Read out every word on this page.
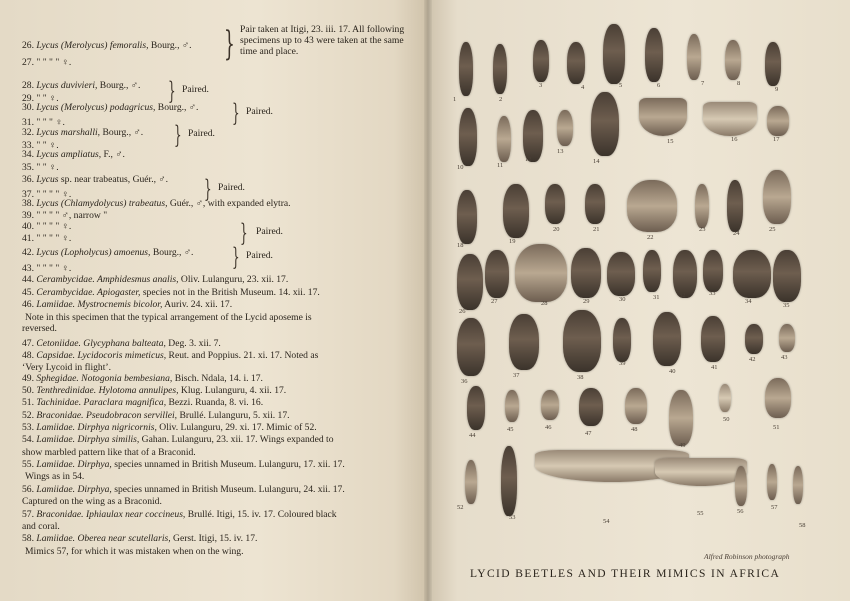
26. Lycus (Merolycus) femoralis, Bourg., ♂.
27. " " " " ♀.
28. Lycus duvivieri, Bourg., ♂.
29. " " ♀.
30. Lycus (Merolycus) podagricus, Bourg., ♂.
31. " " " ♀.
32. Lycus marshalli, Bourg., ♂.
33. " " ♀.
34. Lycus ampliatus, F., ♂.
35. " " ♀.
36. Lycus sp. near trabeatus, Guér., ♂.
37. " " " " ♀.
38. Lycus (Chlamydolycus) trabeatus, Guér., ♂, with expanded elytra.
39. " " " " ♂, narrow "
40. " " " " ♀.
41. " " " " ♀.
42. Lycus (Lopholycus) amoenus, Bourg., ♂.
43. " " " " ♀.
44. Cerambycidae. Amphidesmus analis, Oliv. Lulanguru, 23. xii. 17.
45. Cerambycidae. Apiogaster, species not in the British Museum. 14. xii. 17.
46. Lamiidae. Mystrocnemis bicolor, Auriv. 24. xii. 17.
Note in this specimen that the typical arrangement of the Lycid aposeme is
reversed.
47. Cetoniidae. Glycyphana balteata, Deg. 3. xii. 7.
48. Capsidae. Lycidocoris mimeticus, Reut. and Poppius. 21. xi. 17. Noted as
‘Very Lycoid in flight’.
49. Sphegidae. Notogonia bembesiana, Bisch. Ndala, 14. i. 17.
50. Tenthredinidae. Hylotoma annulipes, Klug. Lulanguru, 4. xii. 17.
51. Tachinidae. Paraclara magnifica, Bezzi. Ruanda, 8. vi. 16.
52. Braconidae. Pseudobracon servillei, Brullé. Lulanguru, 5. xii. 17.
53. Lamiidae. Dirphya nigricornis, Oliv. Lulanguru, 29. xi. 17. Mimic of 52.
54. Lamiidae. Dirphya similis, Gahan. Lulanguru, 23. xii. 17. Wings expanded to
show marbled pattern like that of a Braconid.
55. Lamiidae. Dirphya, species unnamed in British Museum. Lulanguru, 17. xii. 17.
Wings as in 54.
56. Lamiidae. Dirphya, species unnamed in British Museum. Lulanguru, 24. xii. 17.
Captured on the wing as a Braconid.
57. Braconidae. Iphiaulax near coccineus, Brullé. Itigi, 15. iv. 17. Coloured black
and coral.
58. Lamiidae. Oberea near scutellaris, Gerst. Itigi, 15. iv. 17.
Mimics 57, for which it was mistaken when on the wing.
} Pair taken at Itigi, 23. iii. 17. All following specimens up to 43 were taken at the same time and place.
} Paired.
} Paired.
} Paired.
} Paired.
} Paired.
} Paired.
1	2
3	4	5	6	7	8
9
10	11
12
13
14
15	16	17
18
19
20	21
22
23
24
25
26
27	28	29	30	31	32	33
34
35
36
37	38
39
40
41
42	43
44
45	46
47
48
49
50
51
52
53
54
55	56
57
58
Alfred Robinson photograph
LYCID BEETLES AND THEIR MIMICS IN AFRICA
